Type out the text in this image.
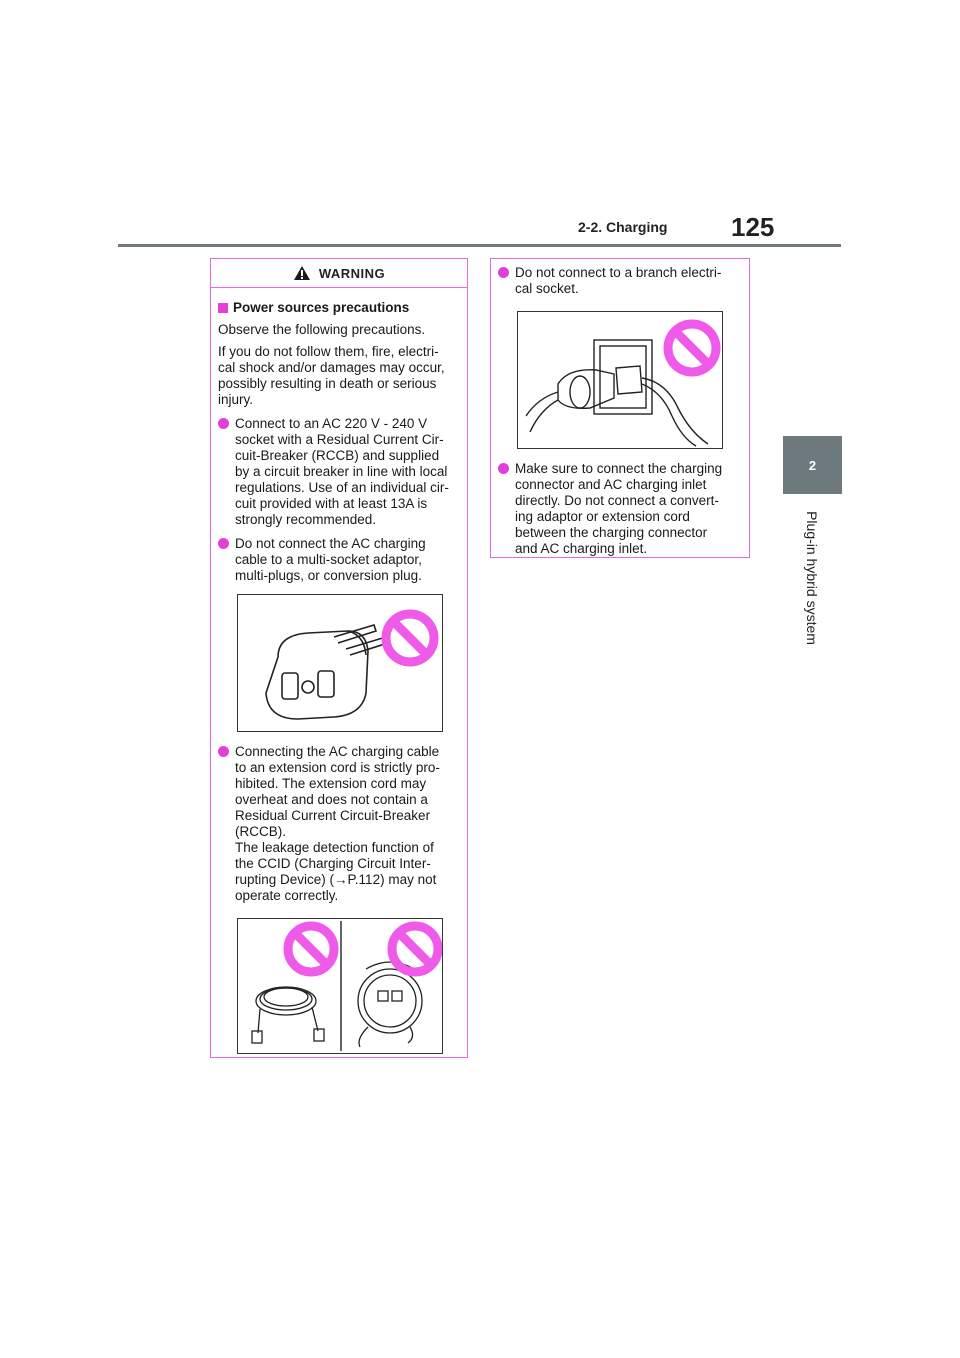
2-2. Charging 125
2
Plug-in hybrid system
WARNING
Power sources precautions

Observe the following precautions.

If you do not follow them, fire, electri-
cal shock and/or damages may occur,
possibly resulting in death or serious
injury.

Connect to an AC 220 V - 240 V
socket with a Residual Current Cir-
cuit-Breaker (RCCB) and supplied
by a circuit breaker in line with local
regulations. Use of an individual cir-
cuit provided with at least 13A is
strongly recommended.
Do not connect the AC charging
cable to a multi-socket adaptor,
multi-plugs, or conversion plug.
Connecting the AC charging cable
to an extension cord is strictly pro-
hibited. The extension cord may
overheat and does not contain a
Residual Current Circuit-Breaker
(RCCB).
The leakage detection function of
the CCID (Charging Circuit Inter-
rupting Device) (→P.112) may not
operate correctly.
Do not connect to a branch electri-
cal socket.
Make sure to connect the charging
connector and AC charging inlet
directly. Do not connect a convert-
ing adaptor or extension cord
between the charging connector
and AC charging inlet.
